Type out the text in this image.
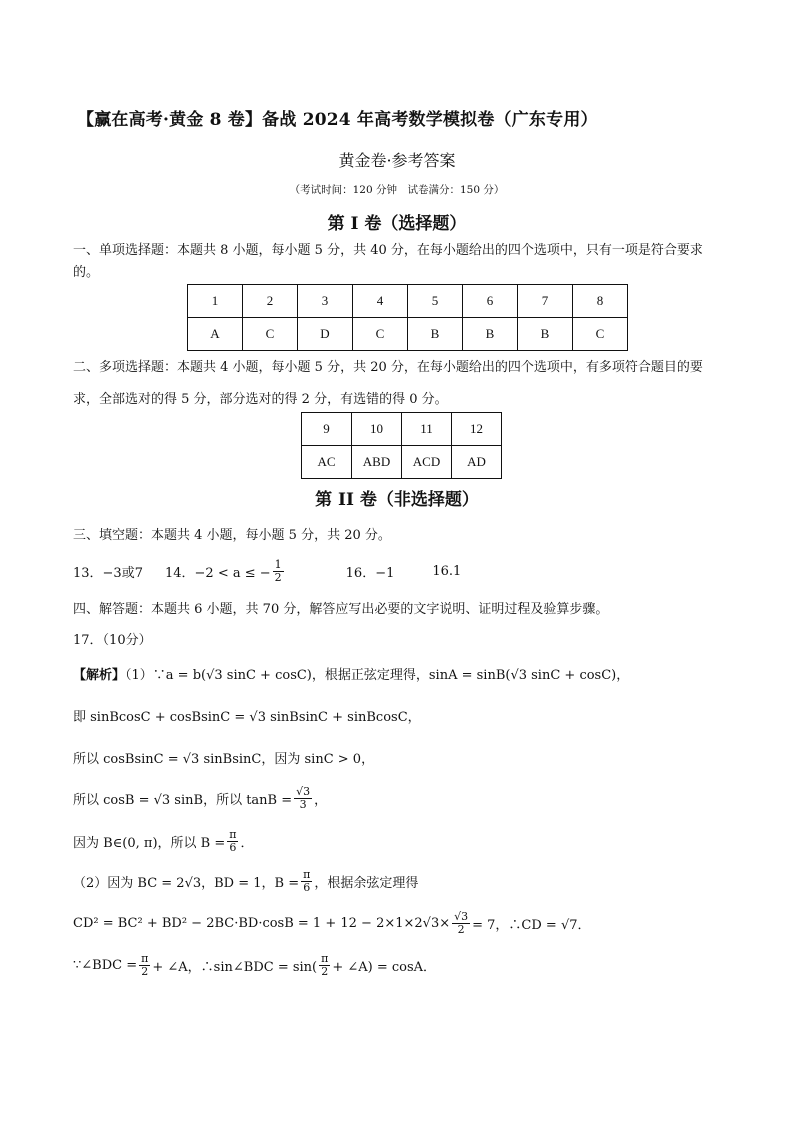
【赢在高考·黄金 8 卷】备战 2024 年高考数学模拟卷（广东专用）
黄金卷·参考答案
（考试时间：120 分钟　试卷满分：150 分）
第 I 卷（选择题）
一、单项选择题：本题共 8 小题，每小题 5 分，共 40 分，在每小题给出的四个选项中，只有一项是符合要求的。
1	2	3	4	5	6	7	8
A	C	D	C	B	B	B	C
二、多项选择题：本题共 4 小题，每小题 5 分，共 20 分，在每小题给出的四个选项中，有多项符合题目的要求，全部选对的得 5 分，部分选对的得 2 分，有选错的得 0 分。
9	10	11	12
AC	ABD	ACD	AD
第 II 卷（非选择题）
三、填空题：本题共 4 小题，每小题 5 分，共 20 分。
13．−3或7 14．−2 < a ≤ − $\frac{1}{2}$	16．−1	16.1
四、解答题：本题共 6 小题，共 70 分，解答应写出必要的文字说明、证明过程及验算步骤。
17．（10分）
【解析】（1）∵a = b(√3 sinC + cosC)，根据正弦定理得，sinA = sinB(√3 sinC + cosC)，
即 sinBcosC + cosBsinC = √3 sinBsinC + sinBcosC，
所以 cosBsinC = √3 sinBsinC，因为 sinC > 0，
所以 cosB = √3 sinB，所以 $\tan B = \frac{√3}{3}$ ，
因为 B∈(0, π)，所以 $B = \frac{\pi}{6}$ ．
（2）因为 BC = 2√3，BD = 1，$B = \frac{\pi}{6}$ ，根据余弦定理得
$CD^2 = BC^2 + BD^2 - 2BC\cdot BD\cdot\cos B = 1 + 12 - 2\times 1\times 2√3\times \frac{√3}{2} = 7$，∴CD = √7．
∵∠BDC = $\frac{\pi}{2}$ + ∠A，∴sin∠BDC = $\sin( \frac{\pi}{2}$ + ∠A) = cosA．
